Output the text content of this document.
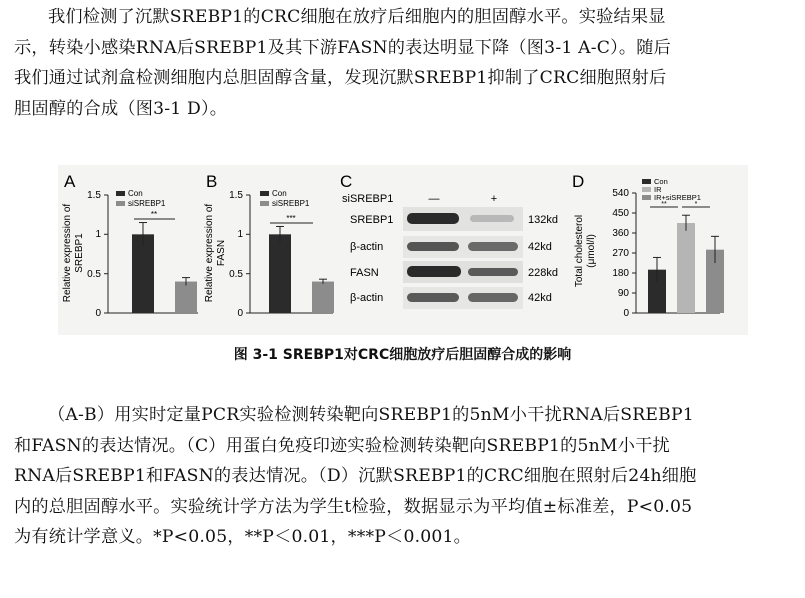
我们检测了沉默SREBP1的CRC细胞在放疗后细胞内的胆固醇水平。实验结果显
示，转染小感染RNA后SREBP1及其下游FASN的表达明显下降（图3-1 A-C）。随后
我们通过试剂盒检测细胞内总胆固醇含量，发现沉默SREBP1抑制了CRC细胞照射后
胆固醇的合成（图3-1 D）。
A
Relative expression of SREBP1
1.5
1
0.5
0
Con
siSREBP1
**
B
Relative expression of FASN
1.5
1
0.5
0
Con
siSREBP1
***
C
siSREBP1	—	+
SREBP1	132kd
β-actin	42kd
FASN	228kd
β-actin	42kd
D
Total cholesterol (μmol/l)
540
450
360
270
180
90
0
Con
IR
IR+siSREBP1
**	*
图 3-1 SREBP1对CRC细胞放疗后胆固醇合成的影响
（A-B）用实时定量PCR实验检测转染靶向SREBP1的5nM小干扰RNA后SREBP1
和FASN的表达情况。（C）用蛋白免疫印迹实验检测转染靶向SREBP1的5nM小干扰
RNA后SREBP1和FASN的表达情况。（D）沉默SREBP1的CRC细胞在照射后24h细胞
内的总胆固醇水平。实验统计学方法为学生t检验，数据显示为平均值±标准差，P<0.05
为有统计学意义。*P<0.05，**P＜0.01，***P＜0.001。
